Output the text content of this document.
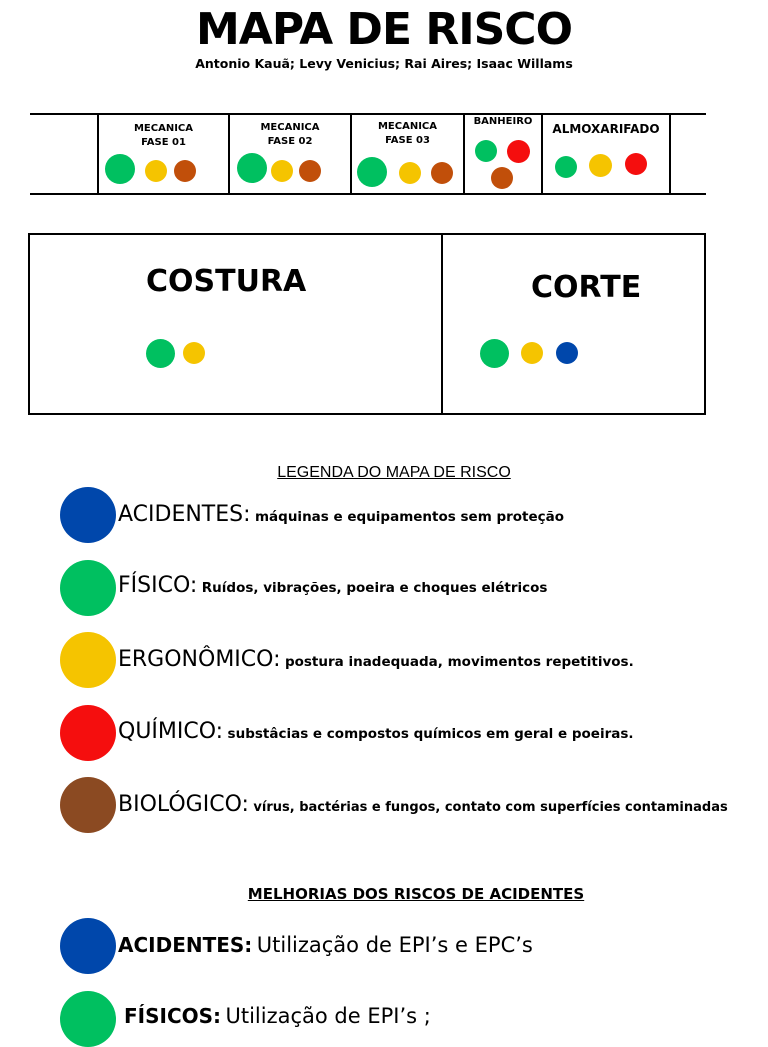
MAPA DE RISCO
Antonio Kauã; Levy Venicius; Rai Aires; Isaac Willams
MECANICA
FASE 01
MECANICA
FASE 02
MECANICA
FASE 03
BANHEIRO
ALMOXARIFADO
COSTURA	CORTE
LEGENDA DO MAPA DE RISCO
ACIDENTES: máquinas e equipamentos sem proteção
FÍSICO: Ruídos, vibrações, poeira e choques elétricos
ERGONÔMICO: postura inadequada, movimentos repetitivos.
QUÍMICO: substâcias e compostos químicos em geral e poeiras.
BIOLÓGICO: vírus, bactérias e fungos, contato com superfícies contaminadas
MELHORIAS DOS RISCOS DE ACIDENTES
ACIDENTES: Utilização de EPI’s e EPC’s
FÍSICOS: Utilização de EPI’s ;
